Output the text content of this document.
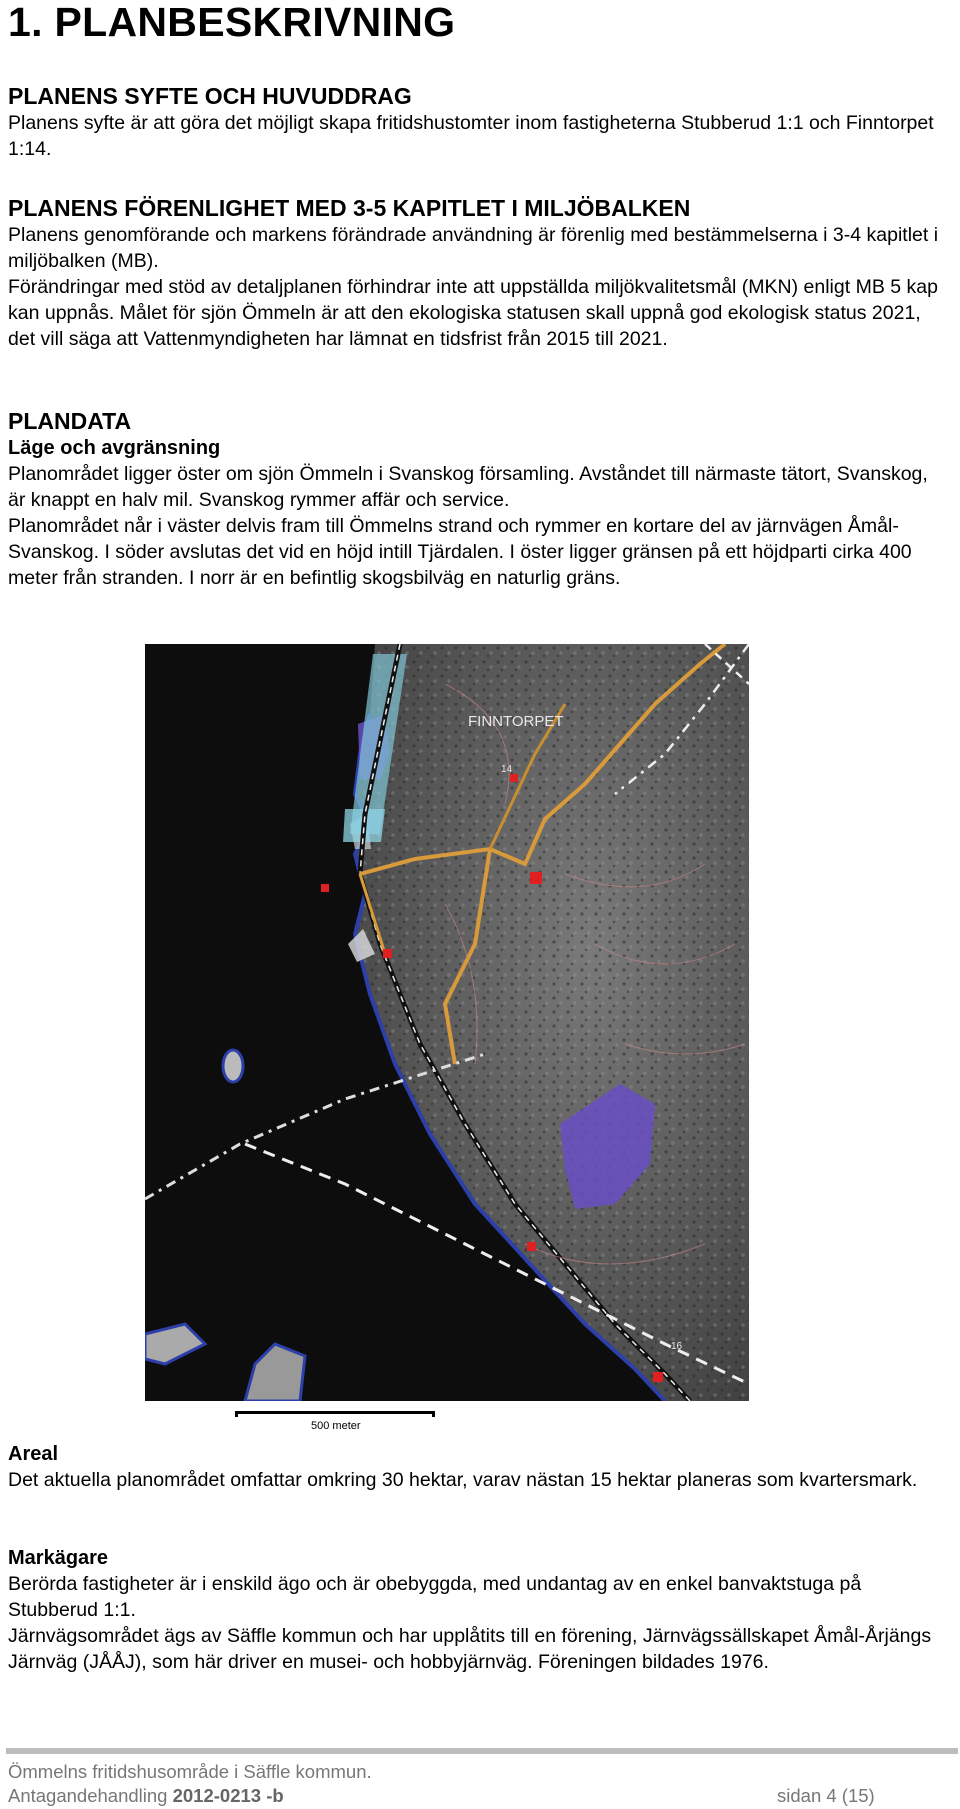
1. PLANBESKRIVNING

PLANENS SYFTE OCH HUVUDDRAG

Planens syfte är att göra det möjligt skapa fritidshustomter inom fastigheterna Stubberud 1:1 och Finntorpet 1:14.

PLANENS FÖRENLIGHET MED 3-5 KAPITLET I MILJÖBALKEN

Planens genomförande och markens förändrade användning är förenlig med bestämmelserna i 3-4 kapitlet i miljöbalken (MB).

Förändringar med stöd av detaljplanen förhindrar inte att uppställda miljökvalitetsmål (MKN) enligt MB 5 kap kan uppnås. Målet för sjön Ömmeln är att den ekologiska statusen skall uppnå god ekologisk status 2021, det vill säga att Vattenmyndigheten har lämnat en tidsfrist från 2015 till 2021.

PLANDATA

Läge och avgränsning

Planområdet ligger öster om sjön Ömmeln i Svanskog församling. Avståndet till närmaste tätort, Svanskog, är knappt en halv mil. Svanskog rymmer affär och service.

Planområdet når i väster delvis fram till Ömmelns strand och rymmer en kortare del av järnvägen Åmål-Svanskog. I söder avslutas det vid en höjd intill Tjärdalen. I öster ligger gränsen på ett höjdparti cirka 400 meter från stranden. I norr är en befintlig skogsbilväg en naturlig gräns.

FINNTORPET
14
16
500 meter

Areal

Det aktuella planområdet omfattar omkring 30 hektar, varav nästan 15 hektar planeras som kvartersmark.

Markägare

Berörda fastigheter är i enskild ägo och är obebyggda, med undantag av en enkel banvaktstuga på Stubberud 1:1.

Järnvägsområdet ägs av Säffle kommun och har upplåtits till en förening, Järnvägssällskapet Åmål-Årjängs Järnväg (JÅÅJ), som här driver en musei- och hobbyjärnväg. Föreningen bildades 1976.

Ömmelns fritidshusområde i Säffle kommun.
Antagandehandling 2012-0213 -b	sidan 4 (15)
